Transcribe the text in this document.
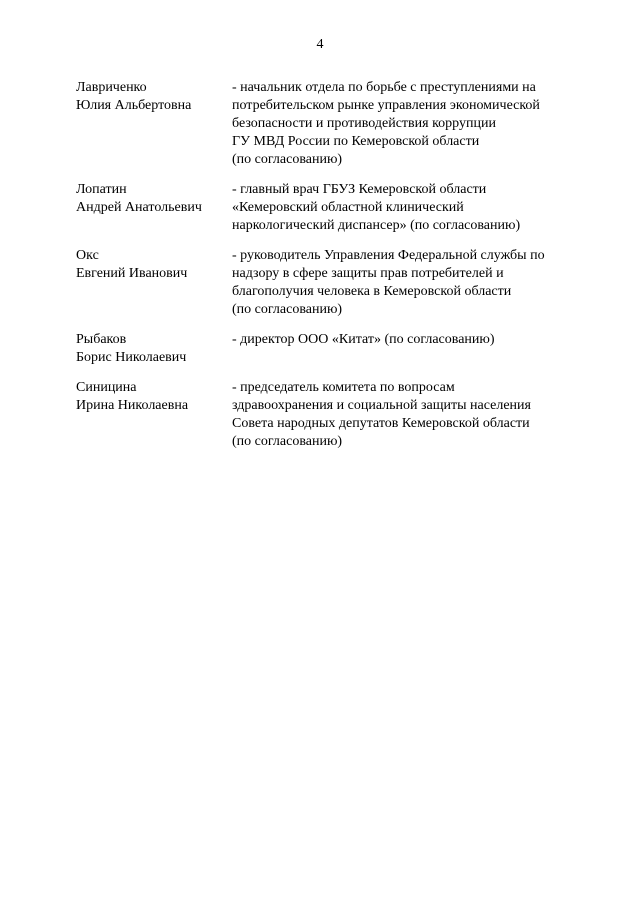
4
Лавриченко
Юлия Альбертовна
- начальник отдела по борьбе с преступлениями на
потребительском рынке управления экономической
безопасности и противодействия коррупции
ГУ МВД России по Кемеровской области
(по согласованию)
Лопатин
Андрей Анатольевич
- главный врач ГБУЗ Кемеровской области
«Кемеровский областной клинический
наркологический диспансер» (по согласованию)
Окс
Евгений Иванович
- руководитель Управления Федеральной службы по
надзору в сфере защиты прав потребителей и
благополучия человека в Кемеровской области
(по согласованию)
Рыбаков
Борис Николаевич
- директор ООО «Китат» (по согласованию)
Синицина
Ирина Николаевна
- председатель комитета по вопросам
здравоохранения и социальной защиты населения
Совета народных депутатов Кемеровской области
(по согласованию)
